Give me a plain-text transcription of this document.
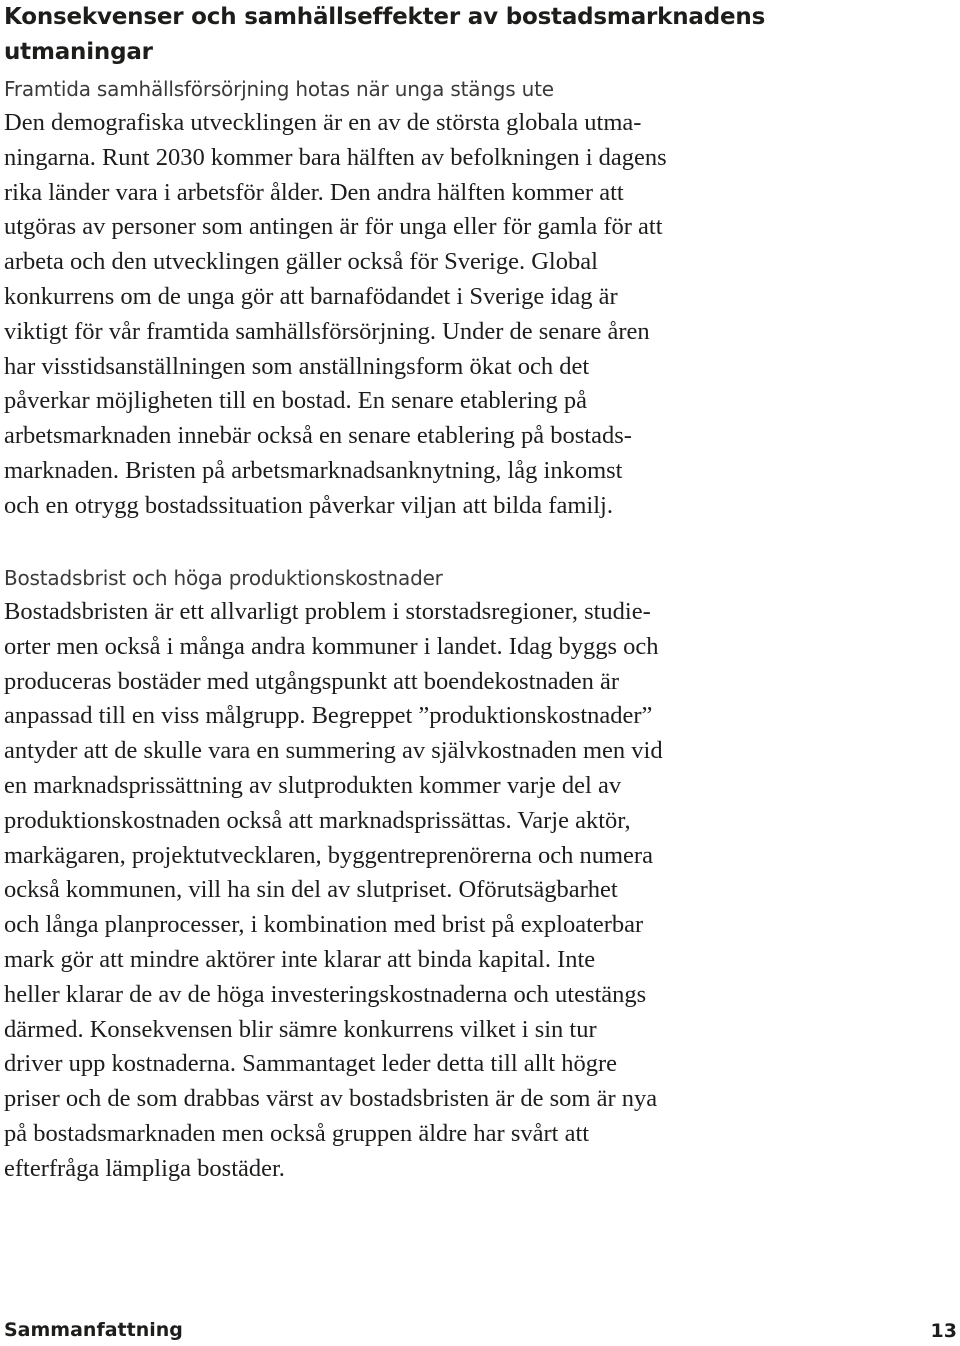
Konsekvenser och samhällseffekter av bostadsmarknadens
utmaningar
Framtida samhällsförsörjning hotas när unga stängs ute
Den demografiska utvecklingen är en av de största globala utma-
ningarna. Runt 2030 kommer bara hälften av befolkningen i dagens
rika länder vara i arbetsför ålder. Den andra hälften kommer att
utgöras av personer som antingen är för unga eller för gamla för att
arbeta och den utvecklingen gäller också för Sverige. Global
konkurrens om de unga gör att barnafödandet i Sverige idag är
viktigt för vår framtida samhällsförsörjning. Under de senare åren
har visstidsanställningen som anställningsform ökat och det
påverkar möjligheten till en bostad. En senare etablering på
arbetsmarknaden innebär också en senare etablering på bostads-
marknaden. Bristen på arbetsmarknadsanknytning, låg inkomst
och en otrygg bostadssituation påverkar viljan att bilda familj.
Bostadsbrist och höga produktionskostnader
Bostadsbristen är ett allvarligt problem i storstadsregioner, studie-
orter men också i många andra kommuner i landet. Idag byggs och
produceras bostäder med utgångspunkt att boendekostnaden är
anpassad till en viss målgrupp. Begreppet ”produktionskostnader”
antyder att de skulle vara en summering av självkostnaden men vid
en marknadsprissättning av slutprodukten kommer varje del av
produktionskostnaden också att marknadsprissättas. Varje aktör,
markägaren, projektutvecklaren, byggentreprenörerna och numera
också kommunen, vill ha sin del av slutpriset. Oförutsägbarhet
och långa planprocesser, i kombination med brist på exploaterbar
mark gör att mindre aktörer inte klarar att binda kapital. Inte
heller klarar de av de höga investeringskostnaderna och utestängs
därmed. Konsekvensen blir sämre konkurrens vilket i sin tur
driver upp kostnaderna. Sammantaget leder detta till allt högre
priser och de som drabbas värst av bostadsbristen är de som är nya
på bostadsmarknaden men också gruppen äldre har svårt att
efterfråga lämpliga bostäder.
Sammanfattning	13
